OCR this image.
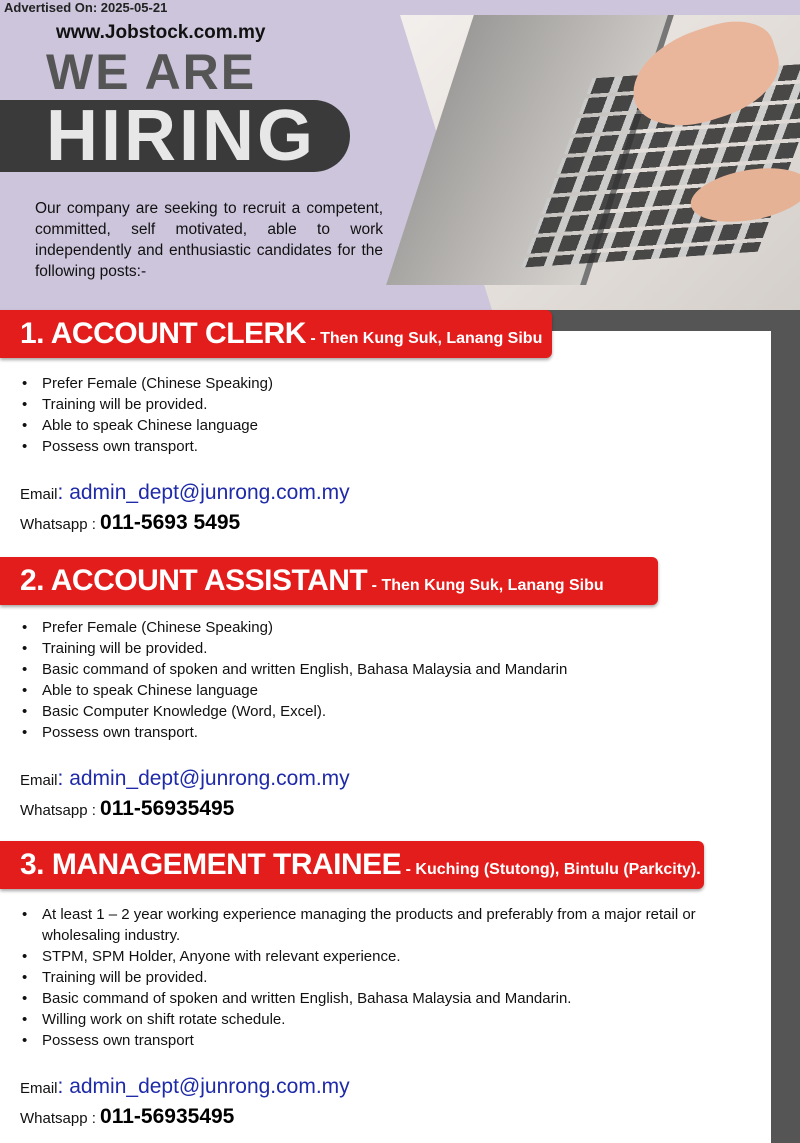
Advertised On: 2025-05-21
www.Jobstock.com.my
WE ARE
HIRING
Our company are seeking to recruit a competent, committed, self motivated, able to work independently and enthusiastic candidates for the following posts:-
1. ACCOUNT CLERK - Then Kung Suk, Lanang Sibu
• Prefer Female (Chinese Speaking)
• Training will be provided.
• Able to speak Chinese language
• Possess own transport.
Email: admin_dept@junrong.com.my
Whatsapp : 011-5693 5495
2. ACCOUNT ASSISTANT - Then Kung Suk, Lanang Sibu
• Prefer Female (Chinese Speaking)
• Training will be provided.
• Basic command of spoken and written English, Bahasa Malaysia and Mandarin
• Able to speak Chinese language
• Basic Computer Knowledge (Word, Excel).
• Possess own transport.
Email: admin_dept@junrong.com.my
Whatsapp : 011-56935495
3. MANAGEMENT TRAINEE - Kuching (Stutong), Bintulu (Parkcity).
• At least 1 – 2 year working experience managing the products and preferably from a major retail or wholesaling industry.
• STPM, SPM Holder, Anyone with relevant experience.
• Training will be provided.
• Basic command of spoken and written English, Bahasa Malaysia and Mandarin.
• Willing work on shift rotate schedule.
• Possess own transport
Email: admin_dept@junrong.com.my
Whatsapp : 011-56935495
